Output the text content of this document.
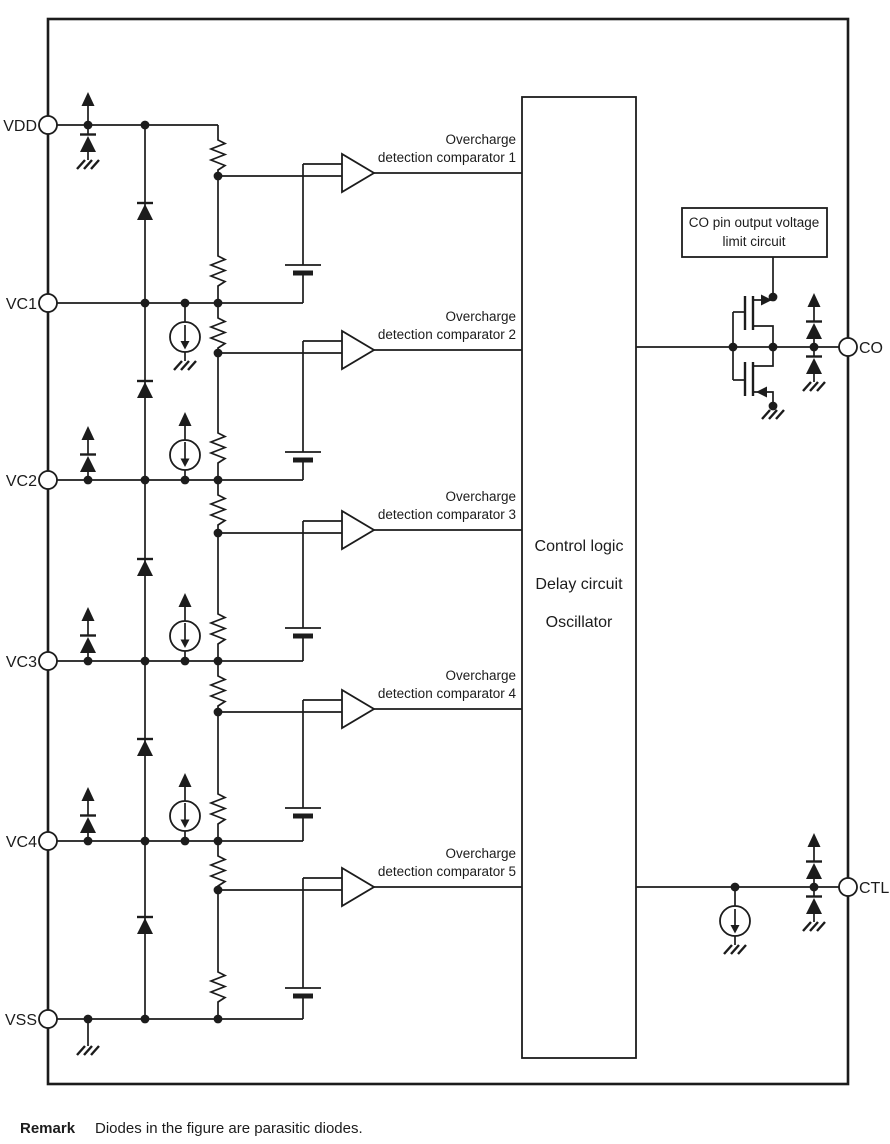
Overcharge
detection comparator 1
Overcharge
detection comparator 2
Overcharge
detection comparator 3
Overcharge
detection comparator 4
Overcharge
detection comparator 5
Control logic
Delay circuit
Oscillator
CO pin output voltage
limit circuit
VDD
VC1
VC2
VC3
VC4
VSS
CO
CTL
Remark Diodes in the figure are parasitic diodes.
